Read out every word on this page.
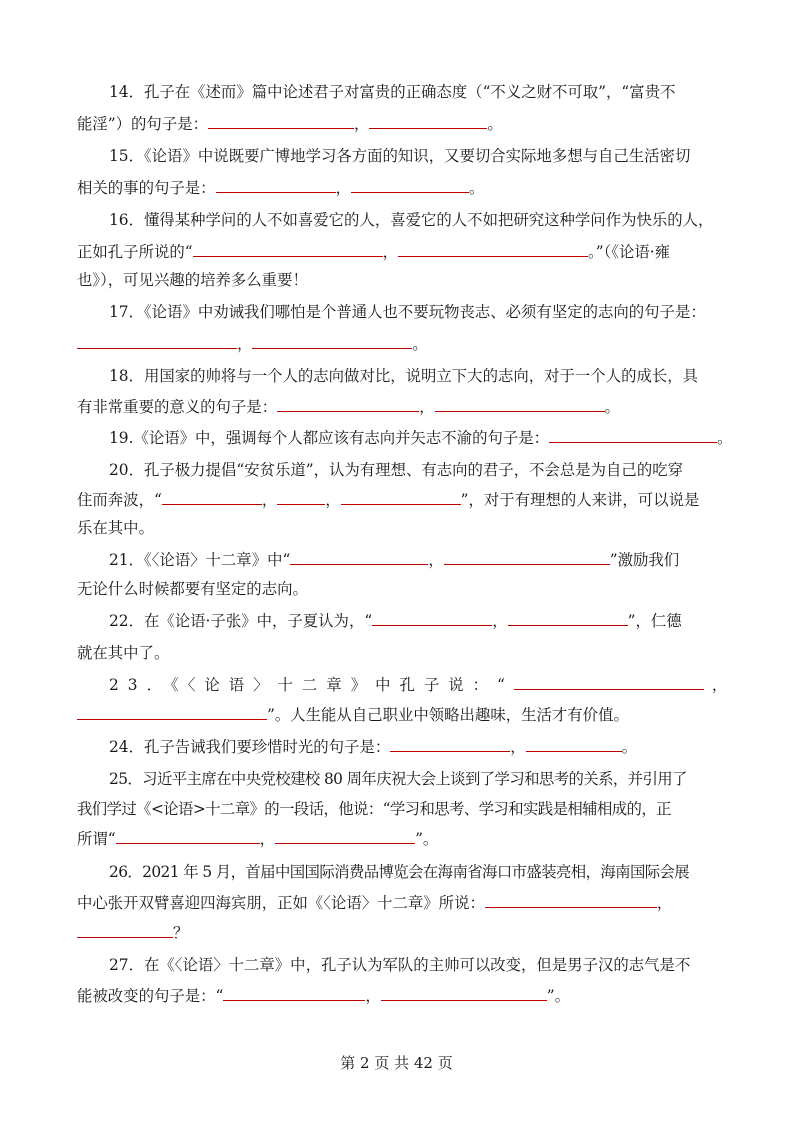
14．孔子在《述而》篇中论述君子对富贵的正确态度（“不义之财不可取”，“富贵不
能淫”）的句子是：	，	。
15．《论语》中说既要广博地学习各方面的知识，又要切合实际地多想与自己生活密切
相关的事的句子是：	，	。
16．懂得某种学问的人不如喜爱它的人，喜爱它的人不如把研究这种学问作为快乐的人，
正如孔子所说的“	，	。”（《论语·雍
也》），可见兴趣的培养多么重要！
17．《论语》中劝诫我们哪怕是个普通人也不要玩物丧志、必须有坚定的志向的句子是：
，	。
18．用国家的帅将与一个人的志向做对比，说明立下大的志向，对于一个人的成长，具
有非常重要的意义的句子是：	，	。
19.《论语》中，强调每个人都应该有志向并矢志不渝的句子是：	。
20．孔子极力提倡“安贫乐道”，认为有理想、有志向的君子，不会总是为自己的吃穿
住而奔波，“	，	，	”，对于有理想的人来讲，可以说是
乐在其中。
21．《〈论语〉十二章》中“	，	”激励我们
无论什么时候都要有坚定的志向。
22．在《论语·子张》中，子夏认为，“	，	”，仁德
就在其中了。
23．《〈论语〉十二章》中孔子说：“	，
”。人生能从自己职业中领略出趣味，生活才有价值。
24．孔子告诫我们要珍惜时光的句子是：	，	。
25．习近平主席在中央党校建校 80 周年庆祝大会上谈到了学习和思考的关系，并引用了
我们学过《<论语>十二章》的一段话，他说：“学习和思考、学习和实践是相辅相成的，正
所谓“	，	”。
26．2021 年 5 月，首届中国国际消费品博览会在海南省海口市盛装亮相，海南国际会展
中心张开双臂喜迎四海宾朋，正如《〈论语〉十二章》所说：	，
？
27．在《〈论语〉十二章》中，孔子认为军队的主帅可以改变，但是男子汉的志气是不
能被改变的句子是：“	，	”。
第 2 页 共 42 页
